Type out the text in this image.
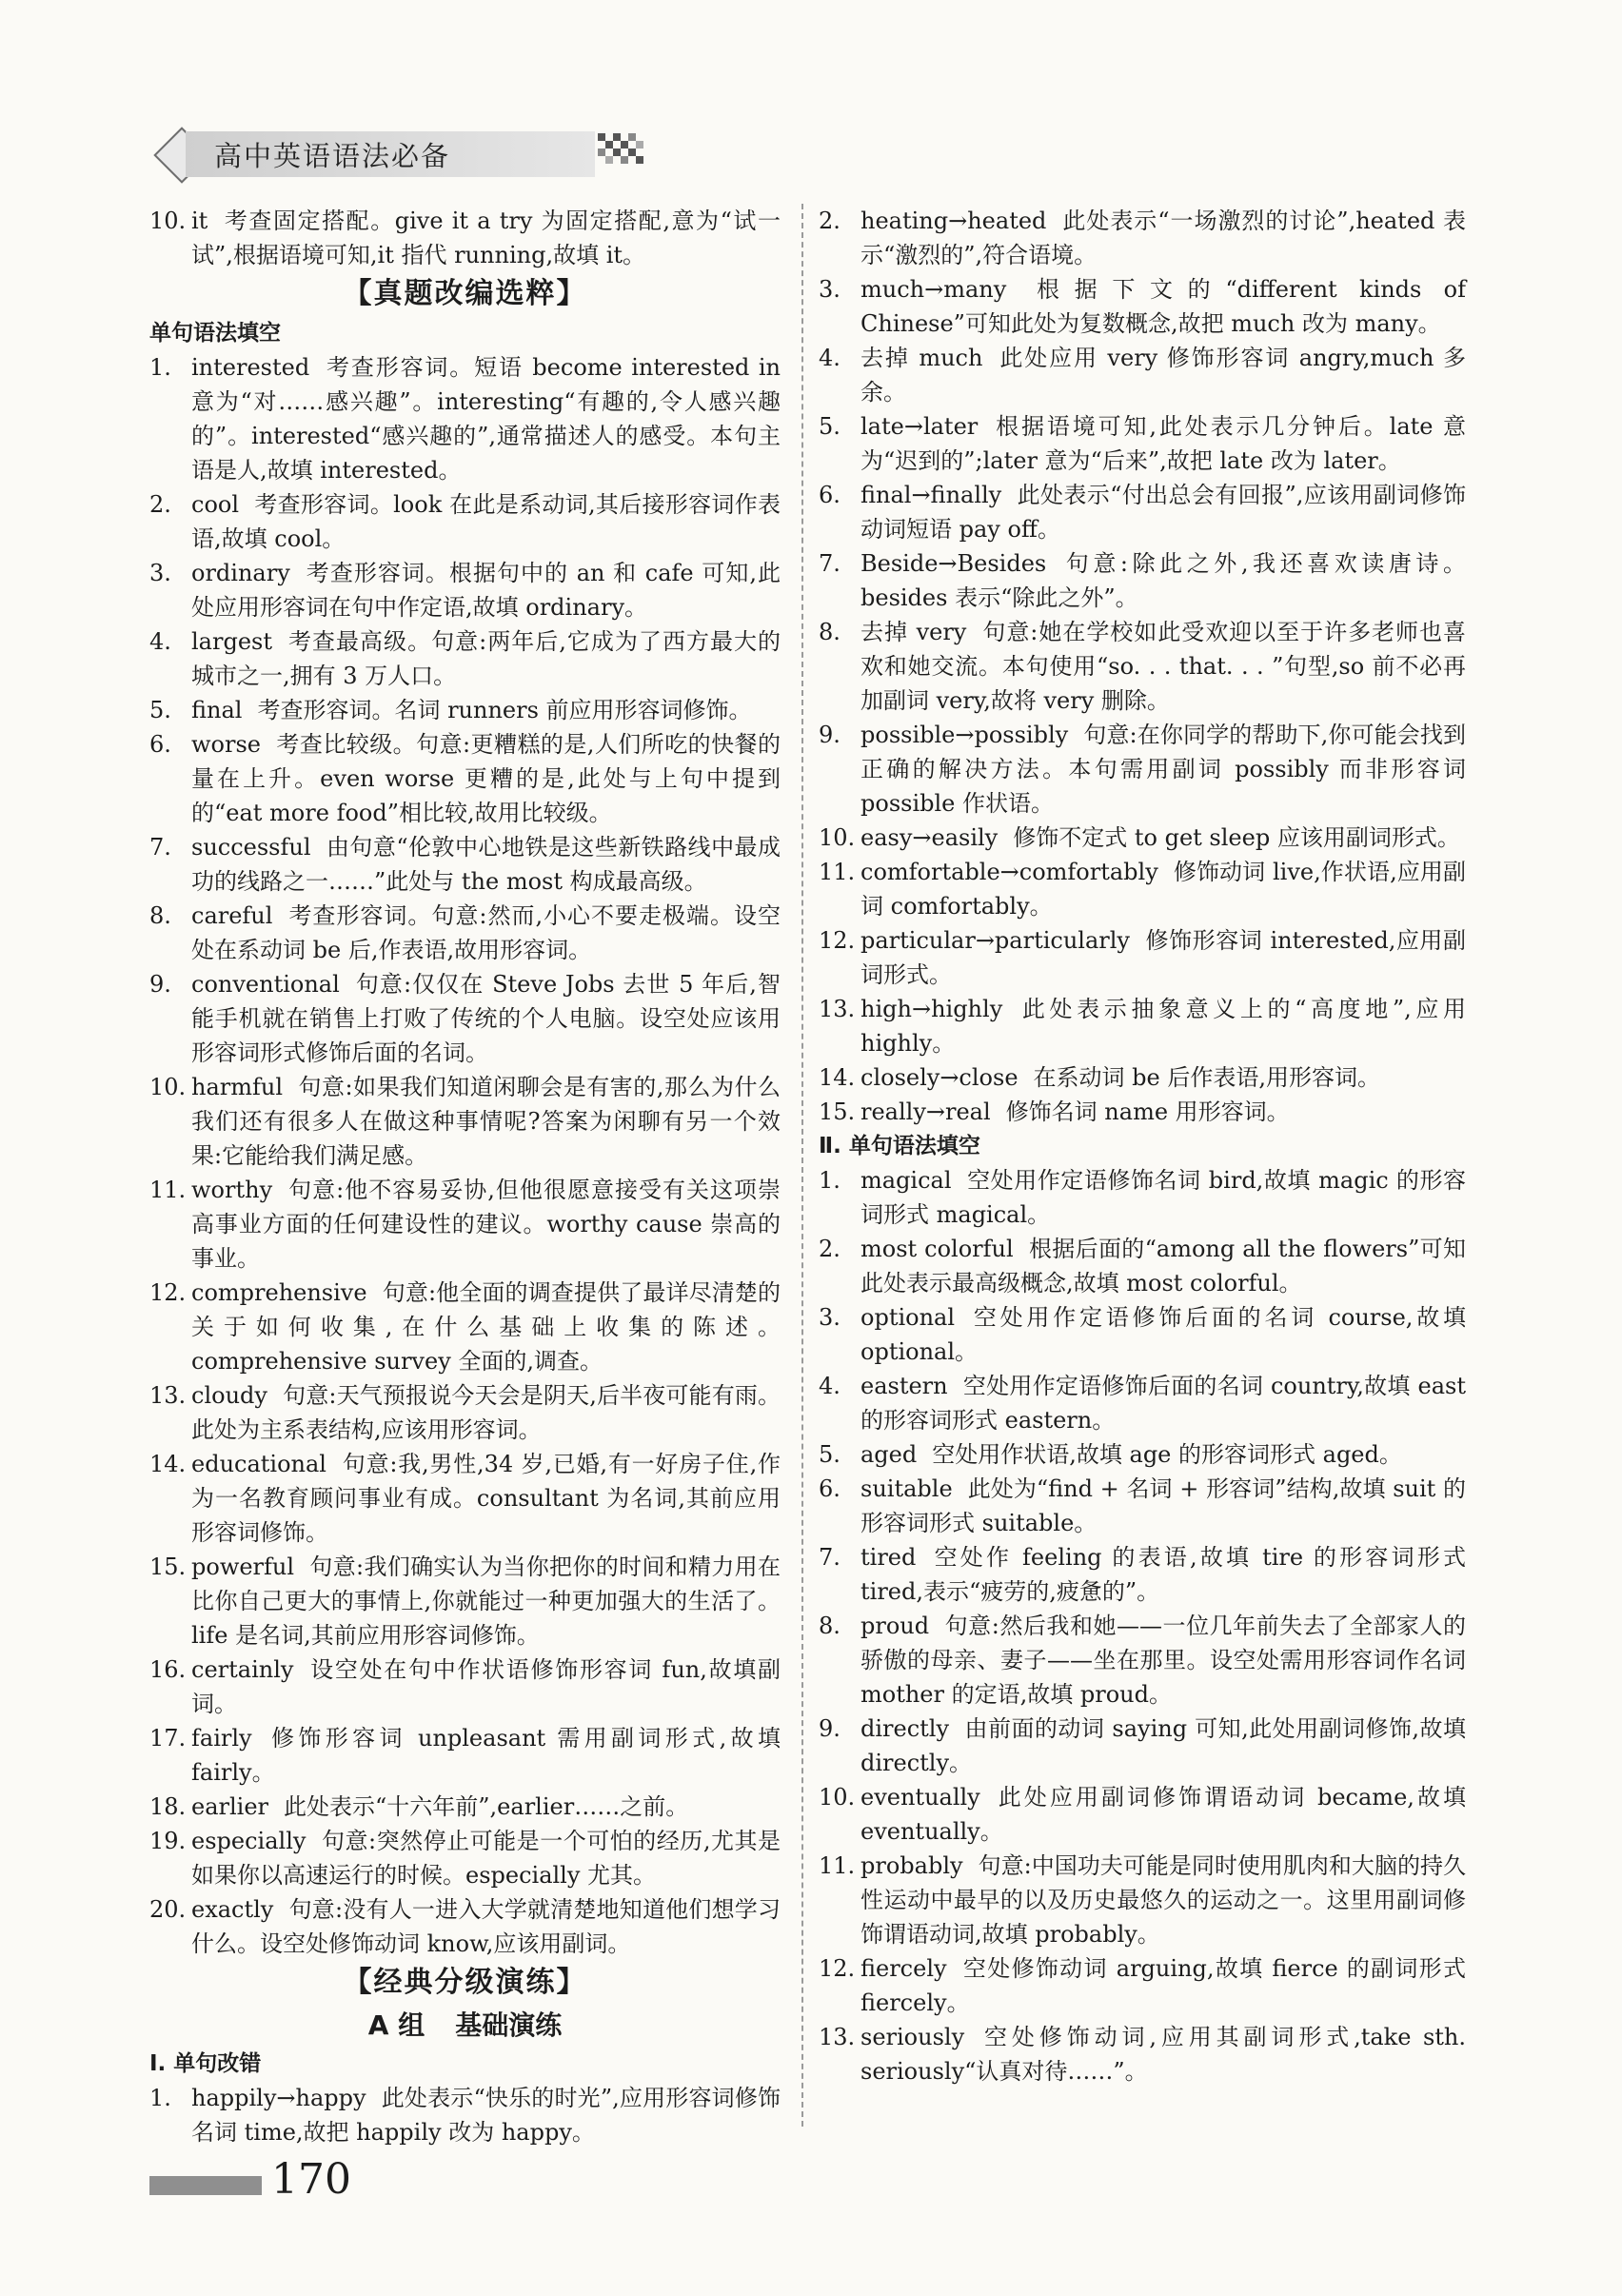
高中英语语法必备
10. it 考查固定搭配。give it a try 为固定搭配,意为“试一试”,根据语境可知,it 指代 running,故填 it。
【真题改编选粹】
单句语法填空
1. interested 考查形容词。短语 become interested in 意为“对……感兴趣”。interesting“有趣的,令人感兴趣的”。interested“感兴趣的”,通常描述人的感受。本句主语是人,故填 interested。
2. cool 考查形容词。look 在此是系动词,其后接形容词作表语,故填 cool。
3. ordinary 考查形容词。根据句中的 an 和 cafe 可知,此处应用形容词在句中作定语,故填 ordinary。
4. largest 考查最高级。句意:两年后,它成为了西方最大的城市之一,拥有 3 万人口。
5. final 考查形容词。名词 runners 前应用形容词修饰。
6. worse 考查比较级。句意:更糟糕的是,人们所吃的快餐的量在上升。even worse 更糟的是,此处与上句中提到的“eat more food”相比较,故用比较级。
7. successful 由句意“伦敦中心地铁是这些新铁路线中最成功的线路之一……”此处与 the most 构成最高级。
8. careful 考查形容词。句意:然而,小心不要走极端。设空处在系动词 be 后,作表语,故用形容词。
9. conventional 句意:仅仅在 Steve Jobs 去世 5 年后,智能手机就在销售上打败了传统的个人电脑。设空处应该用形容词形式修饰后面的名词。
10. harmful 句意:如果我们知道闲聊会是有害的,那么为什么我们还有很多人在做这种事情呢?答案为闲聊有另一个效果:它能给我们满足感。
11. worthy 句意:他不容易妥协,但他很愿意接受有关这项崇高事业方面的任何建设性的建议。worthy cause 崇高的事业。
12. comprehensive 句意:他全面的调查提供了最详尽清楚的关于如何收集,在什么基础上收集的陈述。comprehensive survey 全面的,调查。
13. cloudy 句意:天气预报说今天会是阴天,后半夜可能有雨。此处为主系表结构,应该用形容词。
14. educational 句意:我,男性,34 岁,已婚,有一好房子住,作为一名教育顾问事业有成。consultant 为名词,其前应用形容词修饰。
15. powerful 句意:我们确实认为当你把你的时间和精力用在比你自己更大的事情上,你就能过一种更加强大的生活了。life 是名词,其前应用形容词修饰。
16. certainly 设空处在句中作状语修饰形容词 fun,故填副词。
17. fairly 修饰形容词 unpleasant 需用副词形式,故填 fairly。
18. earlier 此处表示“十六年前”,earlier……之前。
19. especially 句意:突然停止可能是一个可怕的经历,尤其是如果你以高速运行的时候。especially 尤其。
20. exactly 句意:没有人一进入大学就清楚地知道他们想学习什么。设空处修饰动词 know,应该用副词。
【经典分级演练】
A 组 基础演练
Ⅰ. 单句改错
1. happily→happy 此处表示“快乐的时光”,应用形容词修饰名词 time,故把 happily 改为 happy。
2. heating→heated 此处表示“一场激烈的讨论”,heated 表示“激烈的”,符合语境。
3. much→many 根据下文的“different kinds of Chinese”可知此处为复数概念,故把 much 改为 many。
4. 去掉 much 此处应用 very 修饰形容词 angry,much 多余。
5. late→later 根据语境可知,此处表示几分钟后。late 意为“迟到的”;later 意为“后来”,故把 late 改为 later。
6. final→finally 此处表示“付出总会有回报”,应该用副词修饰动词短语 pay off。
7. Beside→Besides 句意:除此之外,我还喜欢读唐诗。besides 表示“除此之外”。
8. 去掉 very 句意:她在学校如此受欢迎以至于许多老师也喜欢和她交流。本句使用“so. . . that. . . ”句型,so 前不必再加副词 very,故将 very 删除。
9. possible→possibly 句意:在你同学的帮助下,你可能会找到正确的解决方法。本句需用副词 possibly 而非形容词 possible 作状语。
10. easy→easily 修饰不定式 to get sleep 应该用副词形式。
11. comfortable→comfortably 修饰动词 live,作状语,应用副词 comfortably。
12. particular→particularly 修饰形容词 interested,应用副词形式。
13. high→highly 此处表示抽象意义上的“高度地”,应用 highly。
14. closely→close 在系动词 be 后作表语,用形容词。
15. really→real 修饰名词 name 用形容词。
Ⅱ. 单句语法填空
1. magical 空处用作定语修饰名词 bird,故填 magic 的形容词形式 magical。
2. most colorful 根据后面的“among all the flowers”可知此处表示最高级概念,故填 most colorful。
3. optional 空处用作定语修饰后面的名词 course,故填 optional。
4. eastern 空处用作定语修饰后面的名词 country,故填 east 的形容词形式 eastern。
5. aged 空处用作状语,故填 age 的形容词形式 aged。
6. suitable 此处为“find + 名词 + 形容词”结构,故填 suit 的形容词形式 suitable。
7. tired 空处作 feeling 的表语,故填 tire 的形容词形式 tired,表示“疲劳的,疲惫的”。
8. proud 句意:然后我和她——一位几年前失去了全部家人的骄傲的母亲、妻子——坐在那里。设空处需用形容词作名词 mother 的定语,故填 proud。
9. directly 由前面的动词 saying 可知,此处用副词修饰,故填 directly。
10. eventually 此处应用副词修饰谓语动词 became,故填 eventually。
11. probably 句意:中国功夫可能是同时使用肌肉和大脑的持久性运动中最早的以及历史最悠久的运动之一。这里用副词修饰谓语动词,故填 probably。
12. fiercely 空处修饰动词 arguing,故填 fierce 的副词形式 fiercely。
13. seriously 空处修饰动词,应用其副词形式,take sth. seriously“认真对待……”。
170
